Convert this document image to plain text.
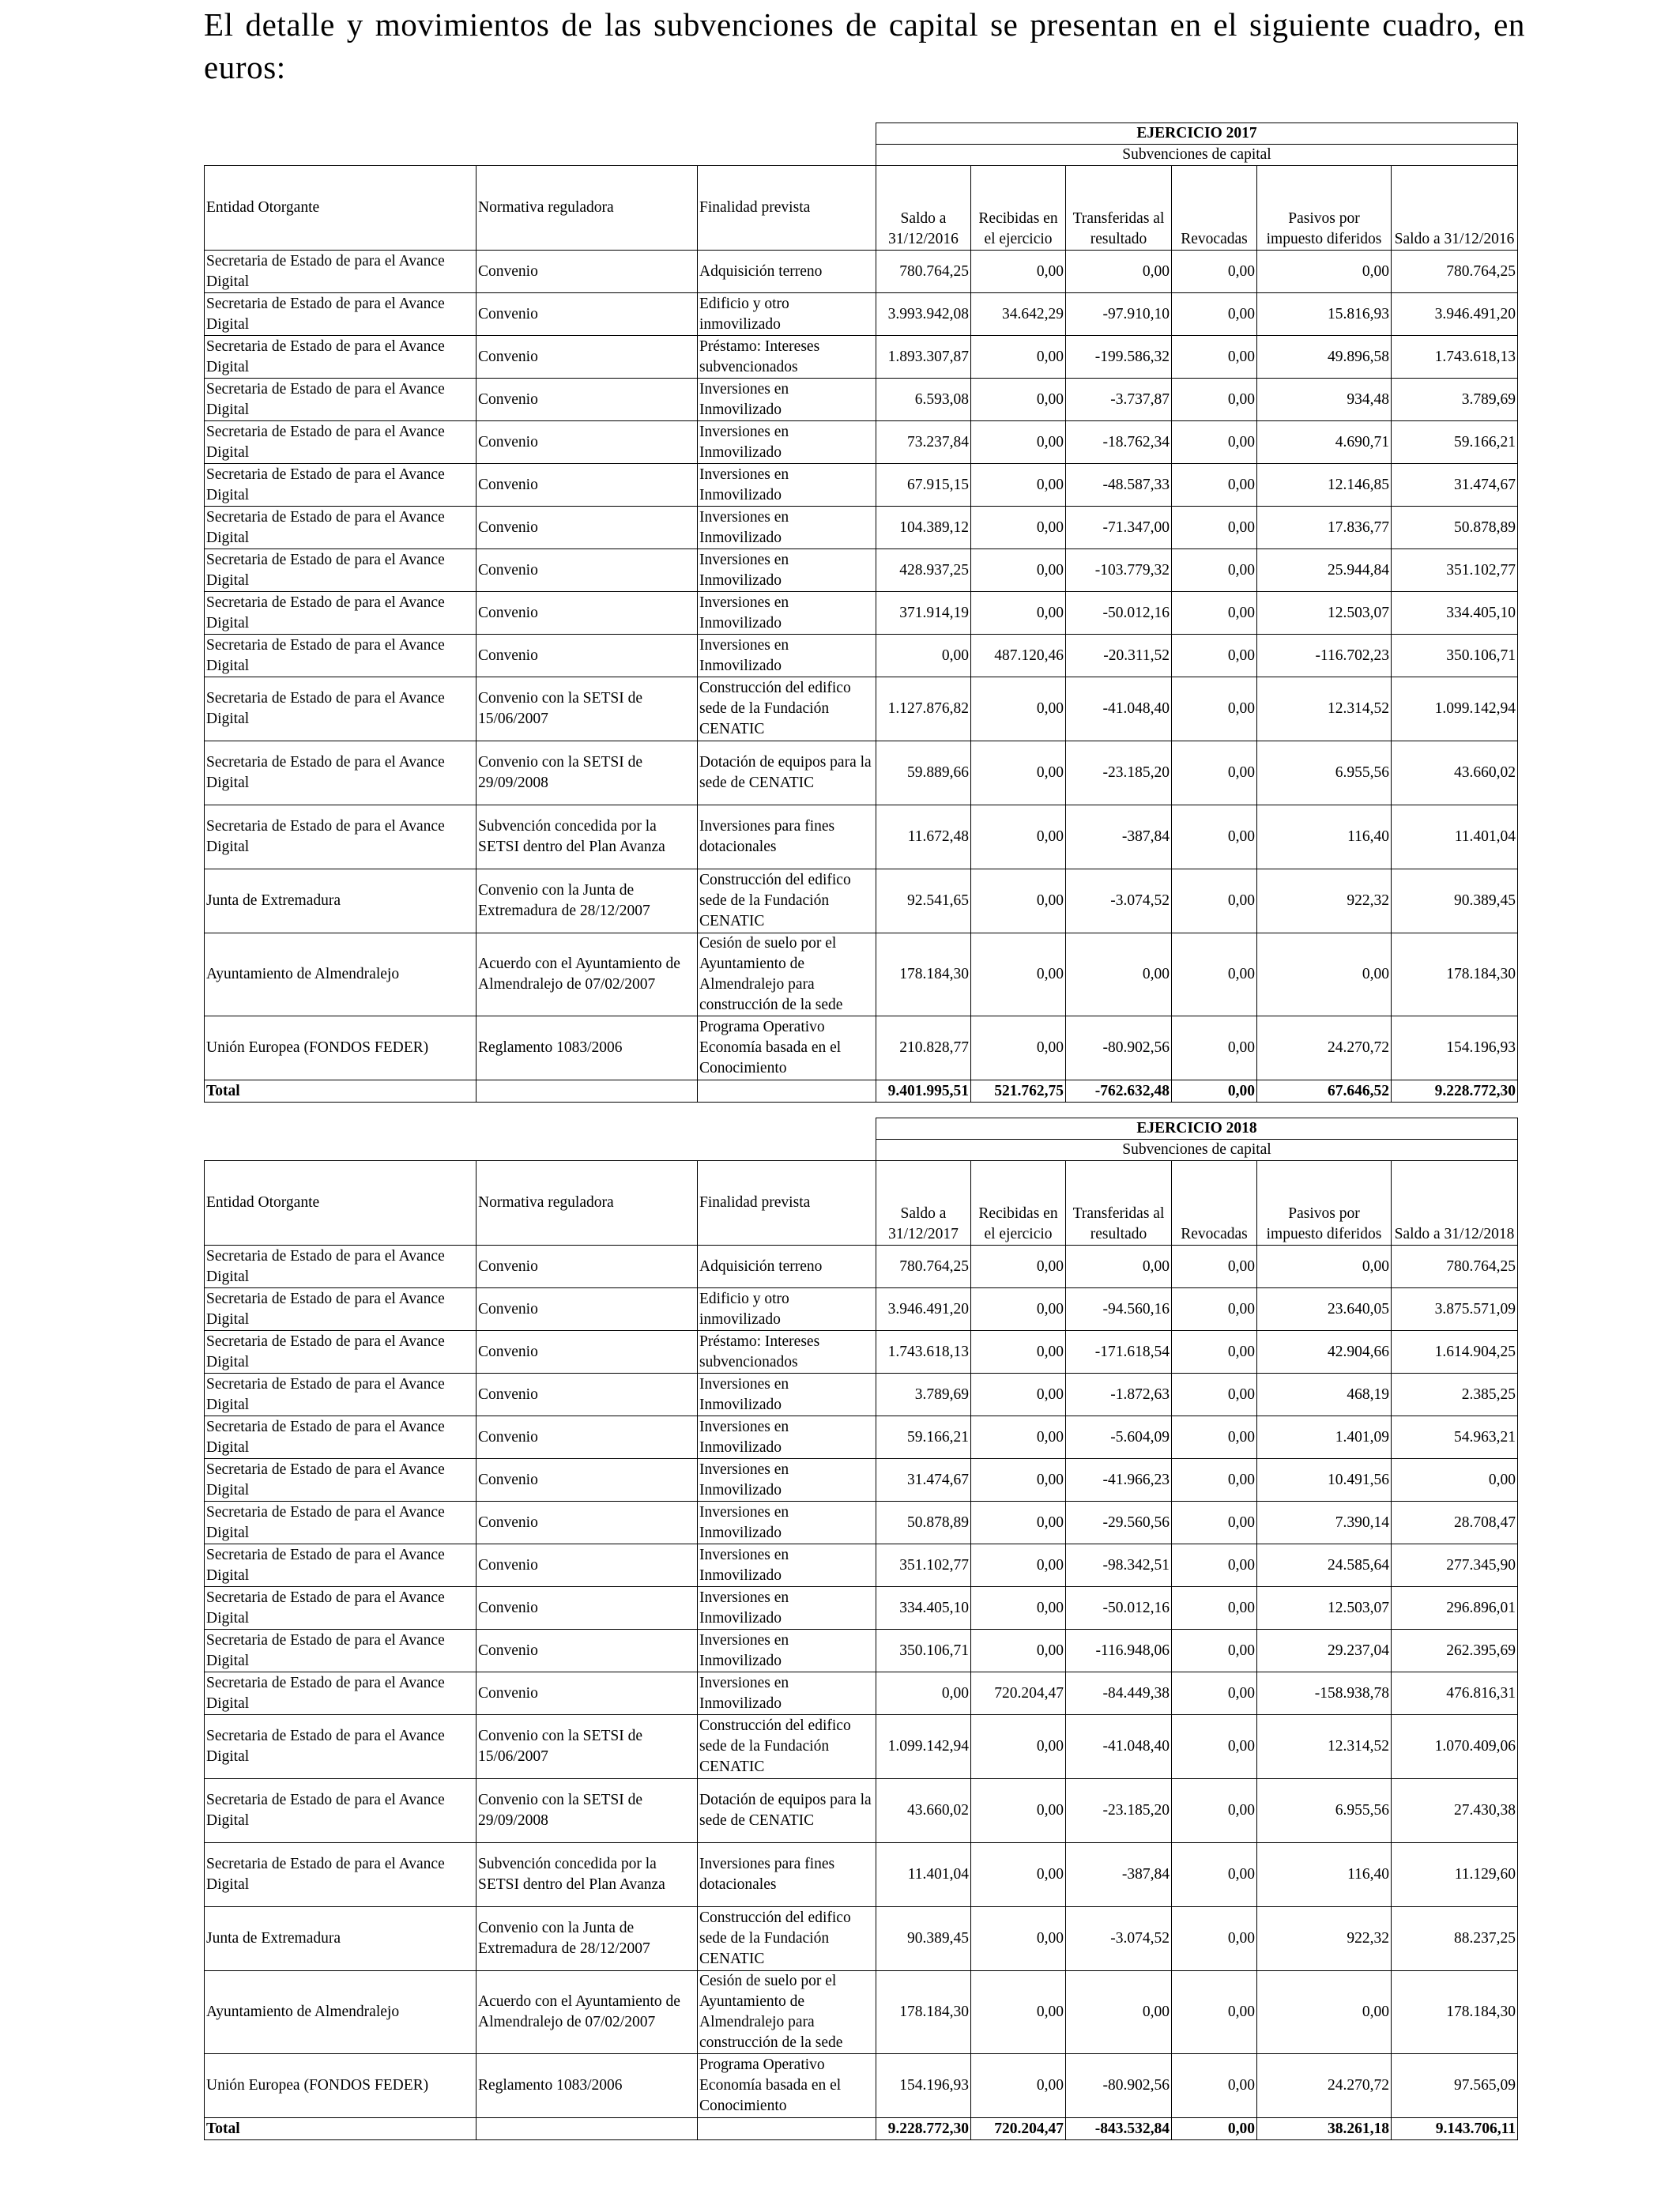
El detalle y movimientos de las subvenciones de capital se presentan en el siguiente cuadro, en euros:

			EJERCICIO 2017					
			Subvenciones de capital					
Entidad Otorgante	Normativa reguladora	Finalidad prevista	Saldo a 31/12/2016	Recibidas en el ejercicio	Transferidas al resultado	Revocadas	Pasivos por impuesto diferidos	Saldo a 31/12/2016
Secretaria de Estado de para el Avance Digital	Convenio	Adquisición terreno	780.764,25	0,00	0,00	0,00	0,00	780.764,25
Secretaria de Estado de para el Avance Digital	Convenio	Edificio y otro inmovilizado	3.993.942,08	34.642,29	-97.910,10	0,00	15.816,93	3.946.491,20
Secretaria de Estado de para el Avance Digital	Convenio	Préstamo: Intereses subvencionados	1.893.307,87	0,00	-199.586,32	0,00	49.896,58	1.743.618,13
Secretaria de Estado de para el Avance Digital	Convenio	Inversiones en Inmovilizado	6.593,08	0,00	-3.737,87	0,00	934,48	3.789,69
Secretaria de Estado de para el Avance Digital	Convenio	Inversiones en Inmovilizado	73.237,84	0,00	-18.762,34	0,00	4.690,71	59.166,21
Secretaria de Estado de para el Avance Digital	Convenio	Inversiones en Inmovilizado	67.915,15	0,00	-48.587,33	0,00	12.146,85	31.474,67
Secretaria de Estado de para el Avance Digital	Convenio	Inversiones en Inmovilizado	104.389,12	0,00	-71.347,00	0,00	17.836,77	50.878,89
Secretaria de Estado de para el Avance Digital	Convenio	Inversiones en Inmovilizado	428.937,25	0,00	-103.779,32	0,00	25.944,84	351.102,77
Secretaria de Estado de para el Avance Digital	Convenio	Inversiones en Inmovilizado	371.914,19	0,00	-50.012,16	0,00	12.503,07	334.405,10
Secretaria de Estado de para el Avance Digital	Convenio	Inversiones en Inmovilizado	0,00	487.120,46	-20.311,52	0,00	-116.702,23	350.106,71
Secretaria de Estado de para el Avance Digital	Convenio con la SETSI de 15/06/2007	Construcción del edifico sede de la Fundación CENATIC	1.127.876,82	0,00	-41.048,40	0,00	12.314,52	1.099.142,94
Secretaria de Estado de para el Avance Digital	Convenio con la SETSI de 29/09/2008	Dotación de equipos para la sede de CENATIC	59.889,66	0,00	-23.185,20	0,00	6.955,56	43.660,02
Secretaria de Estado de para el Avance Digital	Subvención concedida por la SETSI dentro del Plan Avanza	Inversiones para fines dotacionales	11.672,48	0,00	-387,84	0,00	116,40	11.401,04
Junta de Extremadura	Convenio con la Junta de Extremadura de 28/12/2007	Construcción del edifico sede de la Fundación CENATIC	92.541,65	0,00	-3.074,52	0,00	922,32	90.389,45
Ayuntamiento de Almendralejo	Acuerdo con el Ayuntamiento de Almendralejo de 07/02/2007	Cesión de suelo por el Ayuntamiento de Almendralejo para construcción de la sede	178.184,30	0,00	0,00	0,00	0,00	178.184,30
Unión Europea (FONDOS FEDER)	Reglamento 1083/2006	Programa Operativo Economía basada en el Conocimiento	210.828,77	0,00	-80.902,56	0,00	24.270,72	154.196,93
Total			9.401.995,51	521.762,75	-762.632,48	0,00	67.646,52	9.228.772,30
			EJERCICIO 2018					
			Subvenciones de capital					
Entidad Otorgante	Normativa reguladora	Finalidad prevista	Saldo a 31/12/2017	Recibidas en el ejercicio	Transferidas al resultado	Revocadas	Pasivos por impuesto diferidos	Saldo a 31/12/2018
Secretaria de Estado de para el Avance Digital	Convenio	Adquisición terreno	780.764,25	0,00	0,00	0,00	0,00	780.764,25
Secretaria de Estado de para el Avance Digital	Convenio	Edificio y otro inmovilizado	3.946.491,20	0,00	-94.560,16	0,00	23.640,05	3.875.571,09
Secretaria de Estado de para el Avance Digital	Convenio	Préstamo: Intereses subvencionados	1.743.618,13	0,00	-171.618,54	0,00	42.904,66	1.614.904,25
Secretaria de Estado de para el Avance Digital	Convenio	Inversiones en Inmovilizado	3.789,69	0,00	-1.872,63	0,00	468,19	2.385,25
Secretaria de Estado de para el Avance Digital	Convenio	Inversiones en Inmovilizado	59.166,21	0,00	-5.604,09	0,00	1.401,09	54.963,21
Secretaria de Estado de para el Avance Digital	Convenio	Inversiones en Inmovilizado	31.474,67	0,00	-41.966,23	0,00	10.491,56	0,00
Secretaria de Estado de para el Avance Digital	Convenio	Inversiones en Inmovilizado	50.878,89	0,00	-29.560,56	0,00	7.390,14	28.708,47
Secretaria de Estado de para el Avance Digital	Convenio	Inversiones en Inmovilizado	351.102,77	0,00	-98.342,51	0,00	24.585,64	277.345,90
Secretaria de Estado de para el Avance Digital	Convenio	Inversiones en Inmovilizado	334.405,10	0,00	-50.012,16	0,00	12.503,07	296.896,01
Secretaria de Estado de para el Avance Digital	Convenio	Inversiones en Inmovilizado	350.106,71	0,00	-116.948,06	0,00	29.237,04	262.395,69
Secretaria de Estado de para el Avance Digital	Convenio	Inversiones en Inmovilizado	0,00	720.204,47	-84.449,38	0,00	-158.938,78	476.816,31
Secretaria de Estado de para el Avance Digital	Convenio con la SETSI de 15/06/2007	Construcción del edifico sede de la Fundación CENATIC	1.099.142,94	0,00	-41.048,40	0,00	12.314,52	1.070.409,06
Secretaria de Estado de para el Avance Digital	Convenio con la SETSI de 29/09/2008	Dotación de equipos para la sede de CENATIC	43.660,02	0,00	-23.185,20	0,00	6.955,56	27.430,38
Secretaria de Estado de para el Avance Digital	Subvención concedida por la SETSI dentro del Plan Avanza	Inversiones para fines dotacionales	11.401,04	0,00	-387,84	0,00	116,40	11.129,60
Junta de Extremadura	Convenio con la Junta de Extremadura de 28/12/2007	Construcción del edifico sede de la Fundación CENATIC	90.389,45	0,00	-3.074,52	0,00	922,32	88.237,25
Ayuntamiento de Almendralejo	Acuerdo con el Ayuntamiento de Almendralejo de 07/02/2007	Cesión de suelo por el Ayuntamiento de Almendralejo para construcción de la sede	178.184,30	0,00	0,00	0,00	0,00	178.184,30
Unión Europea (FONDOS FEDER)	Reglamento 1083/2006	Programa Operativo Economía basada en el Conocimiento	154.196,93	0,00	-80.902,56	0,00	24.270,72	97.565,09
Total			9.228.772,30	720.204,47	-843.532,84	0,00	38.261,18	9.143.706,11
